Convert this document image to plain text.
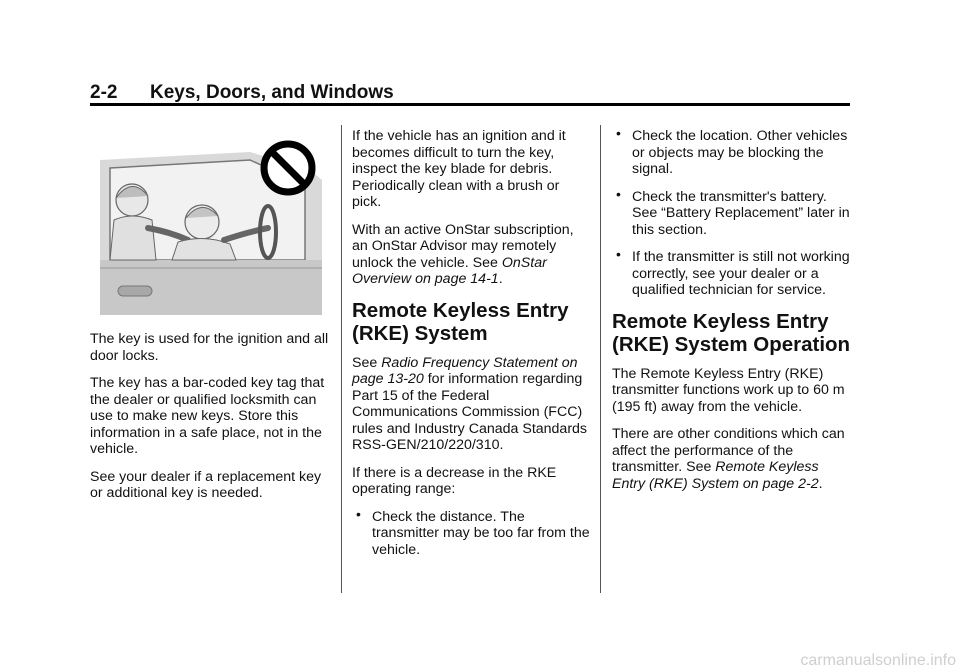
2-2 Keys, Doors, and Windows

The key is used for the ignition and all door locks.

The key has a bar-coded key tag that the dealer or qualified locksmith can use to make new keys. Store this information in a safe place, not in the vehicle.

See your dealer if a replacement key or additional key is needed.

If the vehicle has an ignition and it becomes difficult to turn the key, inspect the key blade for debris. Periodically clean with a brush or pick.

With an active OnStar subscription, an OnStar Advisor may remotely unlock the vehicle. See OnStar Overview on page 14-1.

Remote Keyless Entry (RKE) System

See Radio Frequency Statement on page 13-20 for information regarding Part 15 of the Federal Communications Commission (FCC) rules and Industry Canada Standards RSS-GEN/210/220/310.

If there is a decrease in the RKE operating range:

• Check the distance. The transmitter may be too far from the vehicle.
• Check the location. Other vehicles or objects may be blocking the signal.
• Check the transmitter's battery. See “Battery Replacement” later in this section.
• If the transmitter is still not working correctly, see your dealer or a qualified technician for service.
Remote Keyless Entry (RKE) System Operation

The Remote Keyless Entry (RKE) transmitter functions work up to 60 m (195 ft) away from the vehicle.

There are other conditions which can affect the performance of the transmitter. See Remote Keyless Entry (RKE) System on page 2-2.

carmanualsonline.info
